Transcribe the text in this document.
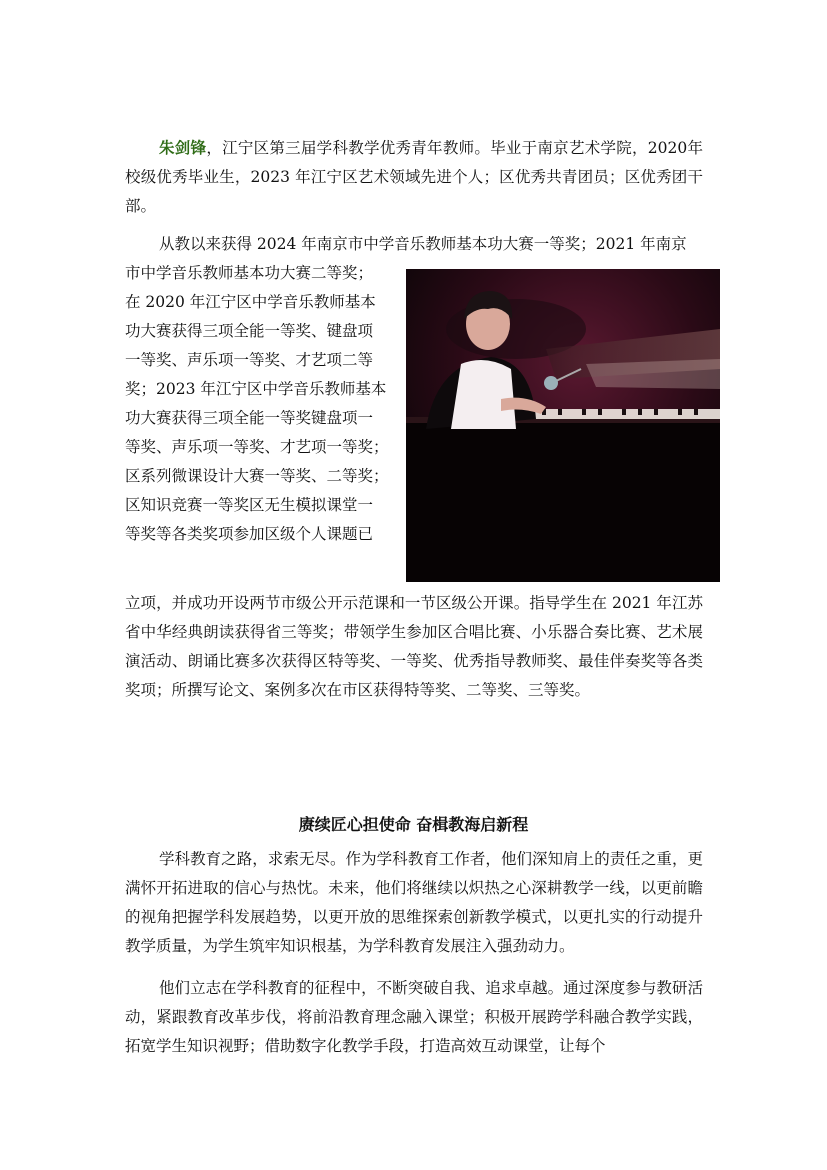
朱剑锋，江宁区第三届学科教学优秀青年教师。毕业于南京艺术学院，2020年校级优秀毕业生，2023 年江宁区艺术领域先进个人；区优秀共青团员；区优秀团干部。

从教以来获得 2024 年南京市中学音乐教师基本功大赛一等奖；2021 年南京
市中学音乐教师基本功大赛二等奖；
在 2020 年江宁区中学音乐教师基本
功大赛获得三项全能一等奖、键盘项
一等奖、声乐项一等奖、才艺项二等
奖；2023 年江宁区中学音乐教师基本
功大赛获得三项全能一等奖键盘项一
等奖、声乐项一等奖、才艺项一等奖；
区系列微课设计大赛一等奖、二等奖；
区知识竞赛一等奖区无生模拟课堂一
等奖等各类奖项参加区级个人课题已

立项，并成功开设两节市级公开示范课和一节区级公开课。指导学生在 2021 年江苏省中华经典朗读获得省三等奖；带领学生参加区合唱比赛、小乐器合奏比赛、艺术展演活动、朗诵比赛多次获得区特等奖、一等奖、优秀指导教师奖、最佳伴奏奖等各类奖项；所撰写论文、案例多次在市区获得特等奖、二等奖、三等奖。

赓续匠心担使命 奋楫教海启新程

学科教育之路，求索无尽。作为学科教育工作者，他们深知肩上的责任之重，更满怀开拓进取的信心与热忱。未来，他们将继续以炽热之心深耕教学一线，以更前瞻的视角把握学科发展趋势，以更开放的思维探索创新教学模式，以更扎实的行动提升教学质量，为学生筑牢知识根基，为学科教育发展注入强劲动力。

他们立志在学科教育的征程中，不断突破自我、追求卓越。通过深度参与教研活动，紧跟教育改革步伐，将前沿教育理念融入课堂；积极开展跨学科融合教学实践，拓宽学生知识视野；借助数字化教学手段，打造高效互动课堂，让每个
